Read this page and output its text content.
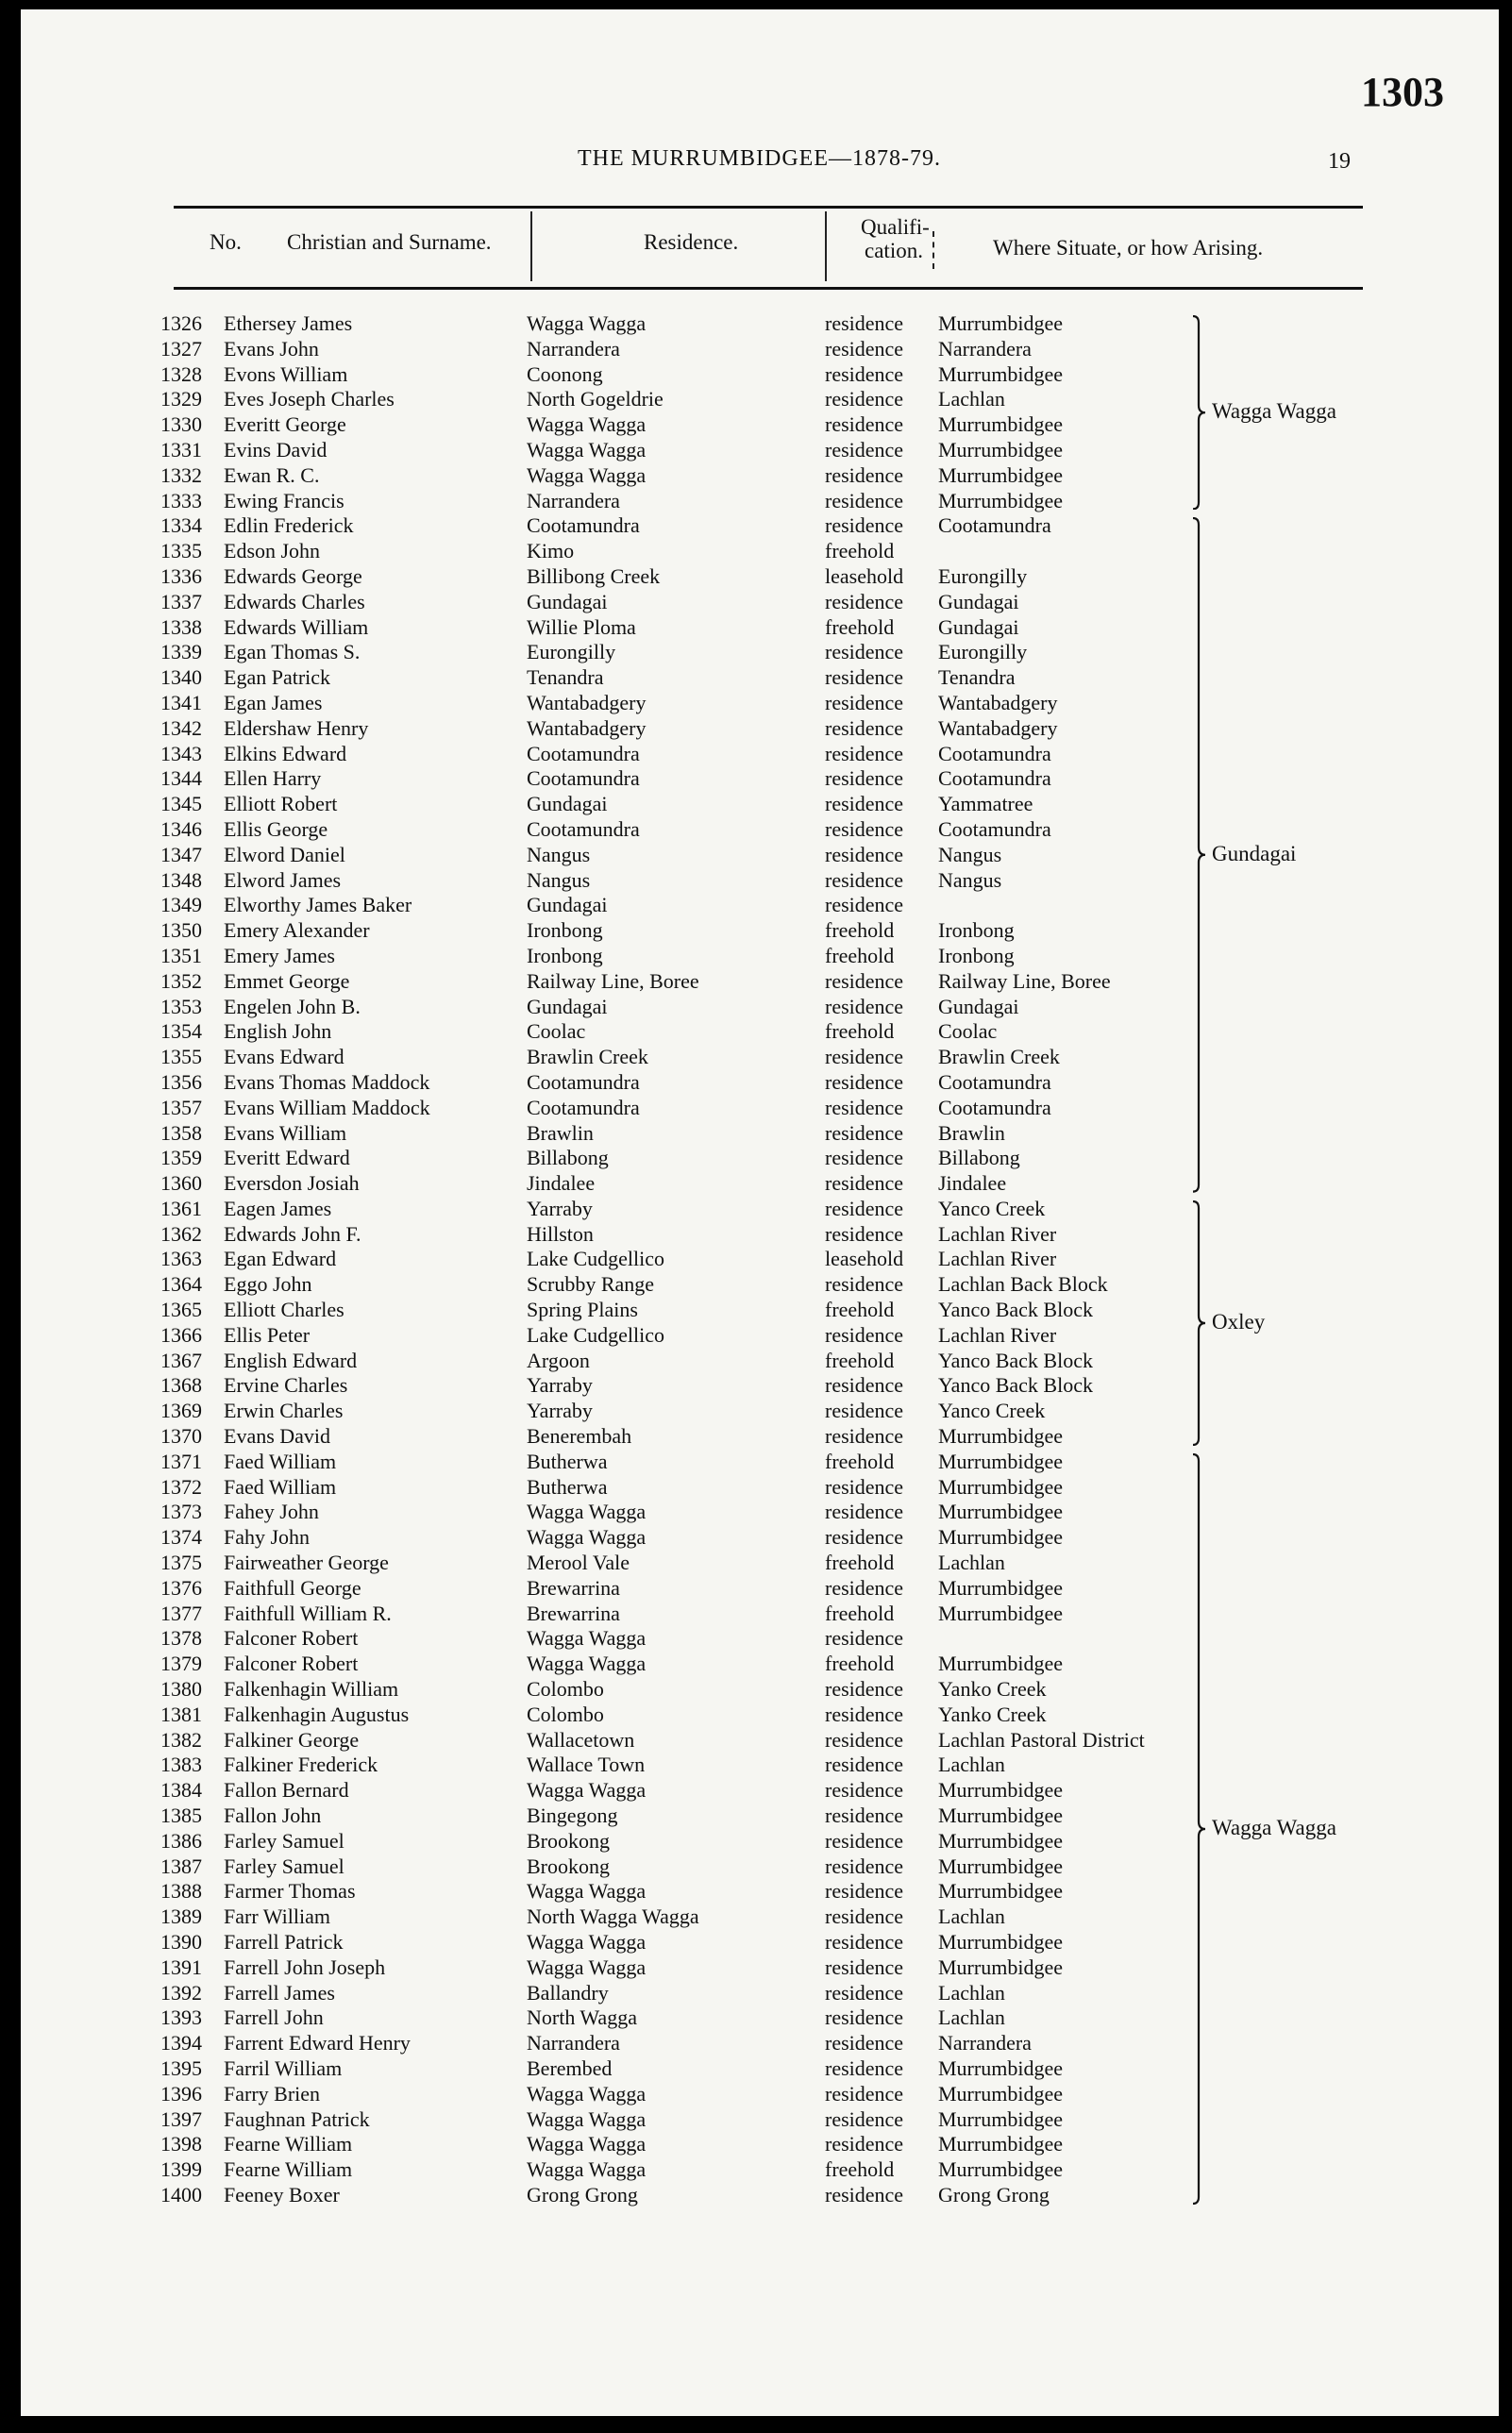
1303
THE MURRUMBIDGEE—1878-79.	19
No. Christian and Surname.	Residence.
Qualifi-
cation.	Where Situate, or how Arising.
1326 Ethersey James	Wagga Wagga	residence Murrumbidgee
1327 Evans John	Narrandera	residence Narrandera
1328 Evons William	Coonong	residence Murrumbidgee
1329 Eves Joseph Charles	North Gogeldrie	residence Lachlan
1330 Everitt George	Wagga Wagga	residence Murrumbidgee
1331 Evins David	Wagga Wagga	residence Murrumbidgee
1332 Ewan R. C.	Wagga Wagga	residence Murrumbidgee
1333 Ewing Francis	Narrandera	residence Murrumbidgee
1334 Edlin Frederick	Cootamundra	residence Cootamundra
1335 Edson John	Kimo	freehold
1336 Edwards George	Billibong Creek	leasehold Eurongilly
1337 Edwards Charles	Gundagai	residence Gundagai
1338 Edwards William	Willie Ploma	freehold Gundagai
1339 Egan Thomas S.	Eurongilly	residence Eurongilly
1340 Egan Patrick	Tenandra	residence Tenandra
1341 Egan James	Wantabadgery	residence Wantabadgery
1342 Eldershaw Henry	Wantabadgery	residence Wantabadgery
1343 Elkins Edward	Cootamundra	residence Cootamundra
1344 Ellen Harry	Cootamundra	residence Cootamundra
1345 Elliott Robert	Gundagai	residence Yammatree
1346 Ellis George	Cootamundra	residence Cootamundra
1347 Elword Daniel	Nangus	residence Nangus
1348 Elword James	Nangus	residence Nangus
1349 Elworthy James Baker	Gundagai	residence
1350 Emery Alexander	Ironbong	freehold Ironbong
1351 Emery James	Ironbong	freehold Ironbong
1352 Emmet George	Railway Line, Boree	residence Railway Line, Boree
1353 Engelen John B.	Gundagai	residence Gundagai
1354 English John	Coolac	freehold Coolac
1355 Evans Edward	Brawlin Creek	residence Brawlin Creek
1356 Evans Thomas Maddock	Cootamundra	residence Cootamundra
1357 Evans William Maddock	Cootamundra	residence Cootamundra
1358 Evans William	Brawlin	residence Brawlin
1359 Everitt Edward	Billabong	residence Billabong
1360 Eversdon Josiah	Jindalee	residence Jindalee
1361 Eagen James	Yarraby	residence Yanco Creek
1362 Edwards John F.	Hillston	residence Lachlan River
1363 Egan Edward	Lake Cudgellico	leasehold Lachlan River
1364 Eggo John	Scrubby Range	residence Lachlan Back Block
1365 Elliott Charles	Spring Plains	freehold Yanco Back Block
1366 Ellis Peter	Lake Cudgellico	residence Lachlan River
1367 English Edward	Argoon	freehold Yanco Back Block
1368 Ervine Charles	Yarraby	residence Yanco Back Block
1369 Erwin Charles	Yarraby	residence Yanco Creek
1370 Evans David	Benerembah	residence Murrumbidgee
1371 Faed William	Butherwa	freehold Murrumbidgee
1372 Faed William	Butherwa	residence Murrumbidgee
1373 Fahey John	Wagga Wagga	residence Murrumbidgee
1374 Fahy John	Wagga Wagga	residence Murrumbidgee
1375 Fairweather George	Merool Vale	freehold Lachlan
1376 Faithfull George	Brewarrina	residence Murrumbidgee
1377 Faithfull William R.	Brewarrina	freehold Murrumbidgee
1378 Falconer Robert	Wagga Wagga	residence
1379 Falconer Robert	Wagga Wagga	freehold Murrumbidgee
1380 Falkenhagin William	Colombo	residence Yanko Creek
1381 Falkenhagin Augustus	Colombo	residence Yanko Creek
1382 Falkiner George	Wallacetown	residence Lachlan Pastoral District
1383 Falkiner Frederick	Wallace Town	residence Lachlan
1384 Fallon Bernard	Wagga Wagga	residence Murrumbidgee
1385 Fallon John	Bingegong	residence Murrumbidgee
1386 Farley Samuel	Brookong	residence Murrumbidgee
1387 Farley Samuel	Brookong	residence Murrumbidgee
1388 Farmer Thomas	Wagga Wagga	residence Murrumbidgee
1389 Farr William	North Wagga Wagga	residence Lachlan
1390 Farrell Patrick	Wagga Wagga	residence Murrumbidgee
1391 Farrell John Joseph	Wagga Wagga	residence Murrumbidgee
1392 Farrell James	Ballandry	residence Lachlan
1393 Farrell John	North Wagga	residence Lachlan
1394 Farrent Edward Henry	Narrandera	residence Narrandera
1395 Farril William	Berembed	residence Murrumbidgee
1396 Farry Brien	Wagga Wagga	residence Murrumbidgee
1397 Faughnan Patrick	Wagga Wagga	residence Murrumbidgee
1398 Fearne William	Wagga Wagga	residence Murrumbidgee
1399 Fearne William	Wagga Wagga	freehold Murrumbidgee
1400 Feeney Boxer	Grong Grong	residence Grong Grong
Wagga Wagga
Gundagai
Oxley
Wagga Wagga
